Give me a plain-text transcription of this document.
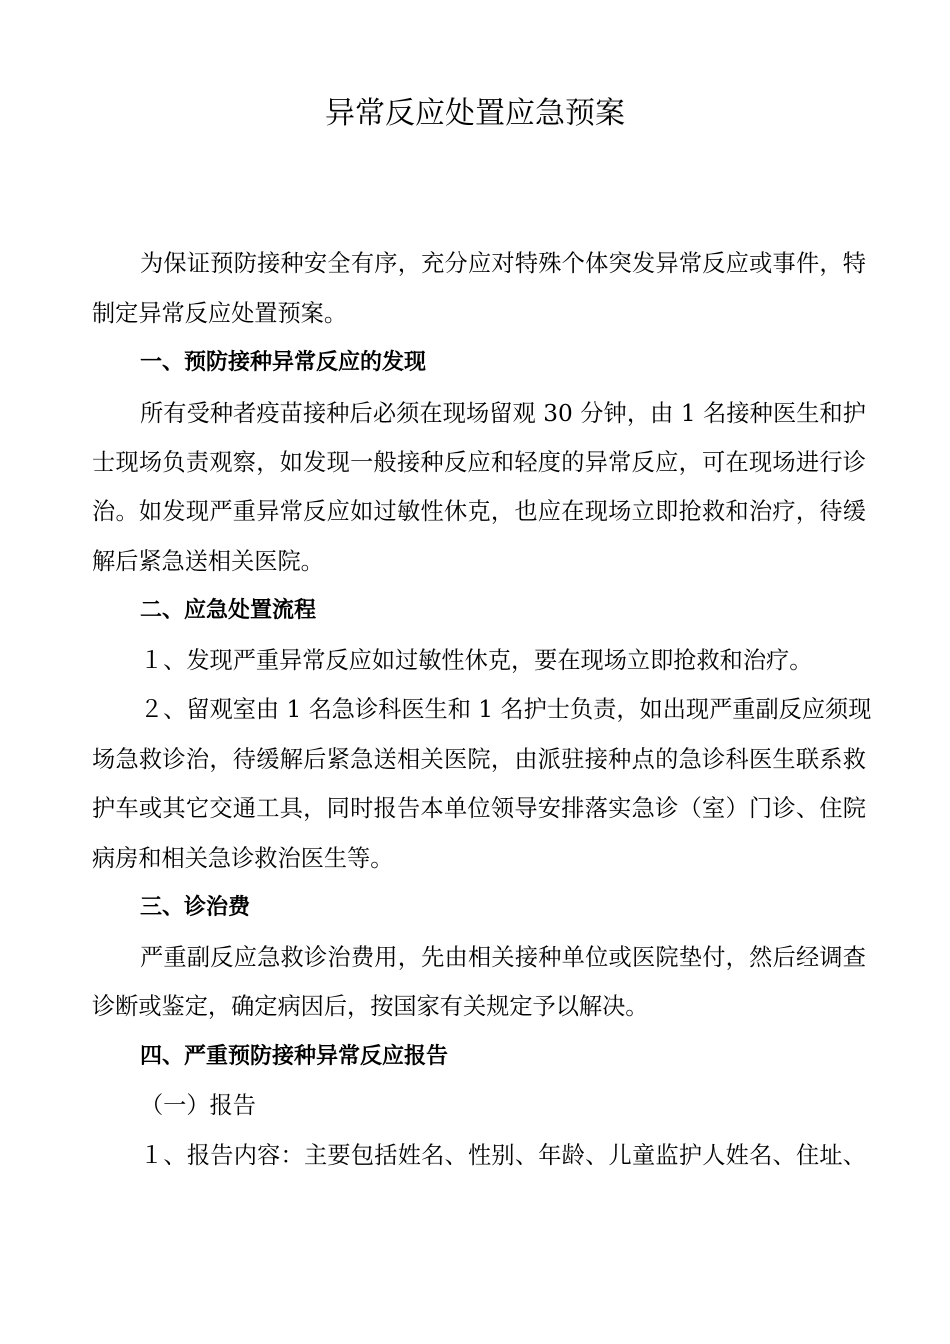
异常反应处置应急预案
为保证预防接种安全有序，充分应对特殊个体突发异常反应或事件，特
制定异常反应处置预案。
一、预防接种异常反应的发现
所有受种者疫苗接种后必须在现场留观 30 分钟，由 1 名接种医生和护
士现场负责观察，如发现一般接种反应和轻度的异常反应，可在现场进行诊
治。如发现严重异常反应如过敏性休克，也应在现场立即抢救和治疗，待缓
解后紧急送相关医院。
二、应急处置流程
１、发现严重异常反应如过敏性休克，要在现场立即抢救和治疗。
２、留观室由 1 名急诊科医生和 1 名护士负责，如出现严重副反应须现
场急救诊治，待缓解后紧急送相关医院，由派驻接种点的急诊科医生联系救
护车或其它交通工具，同时报告本单位领导安排落实急诊（室）门诊、住院
病房和相关急诊救治医生等。
三、诊治费
严重副反应急救诊治费用，先由相关接种单位或医院垫付，然后经调查
诊断或鉴定，确定病因后，按国家有关规定予以解决。
四、严重预防接种异常反应报告
（一）报告
１、报告内容：主要包括姓名、性别、年龄、儿童监护人姓名、住址、
